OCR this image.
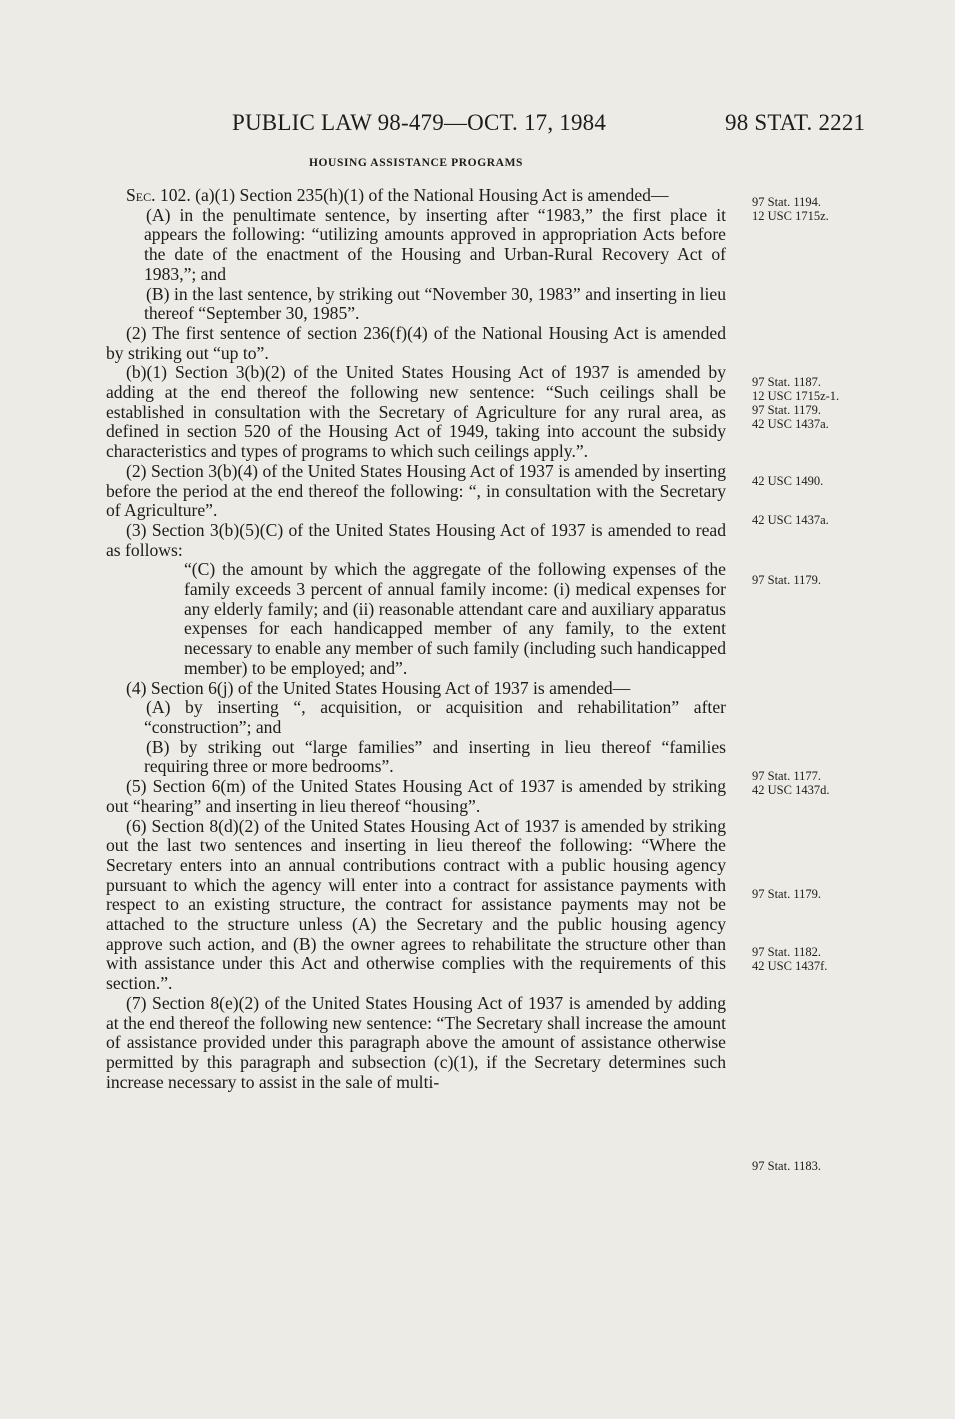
PUBLIC LAW 98-479—OCT. 17, 1984	98 STAT. 2221
HOUSING ASSISTANCE PROGRAMS

Sec. 102. (a)(1) Section 235(h)(1) of the National Housing Act is amended—

(A) in the penultimate sentence, by inserting after “1983,” the first place it appears the following: “utilizing amounts approved in appropriation Acts before the date of the enactment of the Housing and Urban-Rural Recovery Act of 1983,”; and

(B) in the last sentence, by striking out “November 30, 1983” and inserting in lieu thereof “September 30, 1985”.

(2) The first sentence of section 236(f)(4) of the National Housing Act is amended by striking out “up to”.

(b)(1) Section 3(b)(2) of the United States Housing Act of 1937 is amended by adding at the end thereof the following new sentence: “Such ceilings shall be established in consultation with the Secretary of Agriculture for any rural area, as defined in section 520 of the Housing Act of 1949, taking into account the subsidy characteristics and types of programs to which such ceilings apply.”.

(2) Section 3(b)(4) of the United States Housing Act of 1937 is amended by inserting before the period at the end thereof the following: “, in consultation with the Secretary of Agriculture”.

(3) Section 3(b)(5)(C) of the United States Housing Act of 1937 is amended to read as follows:

“(C) the amount by which the aggregate of the following expenses of the family exceeds 3 percent of annual family income: (i) medical expenses for any elderly family; and (ii) reasonable attendant care and auxiliary apparatus expenses for each handicapped member of any family, to the extent necessary to enable any member of such family (including such handicapped member) to be employed; and”.

(4) Section 6(j) of the United States Housing Act of 1937 is amended—

(A) by inserting “, acquisition, or acquisition and rehabilitation” after “construction”; and

(B) by striking out “large families” and inserting in lieu thereof “families requiring three or more bedrooms”.

(5) Section 6(m) of the United States Housing Act of 1937 is amended by striking out “hearing” and inserting in lieu thereof “housing”.

(6) Section 8(d)(2) of the United States Housing Act of 1937 is amended by striking out the last two sentences and inserting in lieu thereof the following: “Where the Secretary enters into an annual contributions contract with a public housing agency pursuant to which the agency will enter into a contract for assistance payments with respect to an existing structure, the contract for assistance payments may not be attached to the structure unless (A) the Secretary and the public housing agency approve such action, and (B) the owner agrees to rehabilitate the structure other than with assistance under this Act and otherwise complies with the requirements of this section.”.

(7) Section 8(e)(2) of the United States Housing Act of 1937 is amended by adding at the end thereof the following new sentence: “The Secretary shall increase the amount of assistance provided under this paragraph above the amount of assistance otherwise permitted by this paragraph and subsection (c)(1), if the Secretary determines such increase necessary to assist in the sale of multi-

97 Stat. 1194.
12 USC 1715z.
97 Stat. 1187.
12 USC 1715z-1.
97 Stat. 1179.
42 USC 1437a.
42 USC 1490.
42 USC 1437a.
97 Stat. 1179.
97 Stat. 1177.
42 USC 1437d.
97 Stat. 1179.
97 Stat. 1182.
42 USC 1437f.
97 Stat. 1183.
